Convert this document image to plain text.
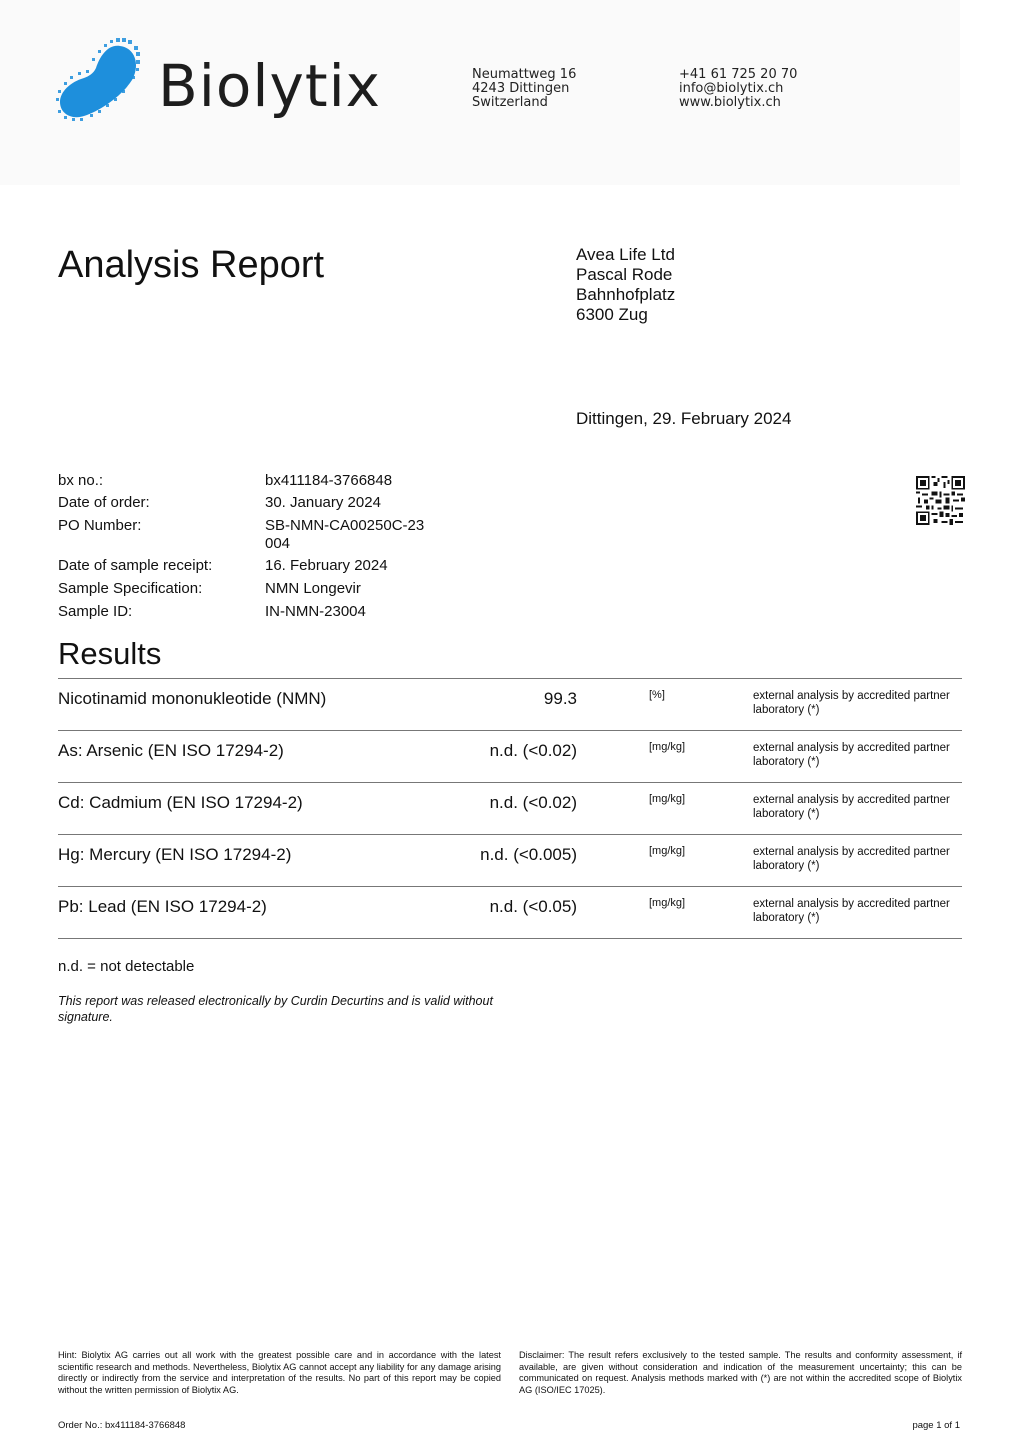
Biolytix	Neumattweg 16
4243 Dittingen
Switzerland
+41 61 725 20 70
info@biolytix.ch
www.biolytix.ch
Analysis Report	Avea Life Ltd
Pascal Rode
Bahnhofplatz
6300 Zug
Dittingen, 29. February 2024
bx no.:	bx411184-3766848
Date of order:	30. January 2024
PO Number:	SB-NMN-CA00250C-23
004
Date of sample receipt:	16. February 2024
Sample Specification:	NMN Longevir
Sample ID:	IN-NMN-23004
Results
Nicotinamid mononukleotide (NMN)	99.3	[%]	external analysis by accredited partner laboratory (*)
As: Arsenic (EN ISO 17294-2)	n.d. (<0.02)	[mg/kg]	external analysis by accredited partner laboratory (*)
Cd: Cadmium (EN ISO 17294-2)	n.d. (<0.02)	[mg/kg]	external analysis by accredited partner laboratory (*)
Hg: Mercury (EN ISO 17294-2)	n.d. (<0.005)	[mg/kg]	external analysis by accredited partner laboratory (*)
Pb: Lead (EN ISO 17294-2)	n.d. (<0.05)	[mg/kg]	external analysis by accredited partner laboratory (*)
n.d. = not detectable
This report was released electronically by Curdin Decurtins and is valid without signature.
Hint: Biolytix AG carries out all work with the greatest possible care and in accordance with the latest scientific research and methods. Nevertheless, Biolytix AG cannot accept any liability for any damage arising directly or indirectly from the service and interpretation of the results. No part of this report may be copied without the written permission of Biolytix AG.
Disclaimer: The result refers exclusively to the tested sample. The results and conformity assessment, if available, are given without consideration and indication of the measurement uncertainty; this can be communicated on request. Analysis methods marked with (*) are not within the accredited scope of Biolytix AG (ISO/IEC 17025).
Order No.: bx411184-3766848	page 1 of 1
